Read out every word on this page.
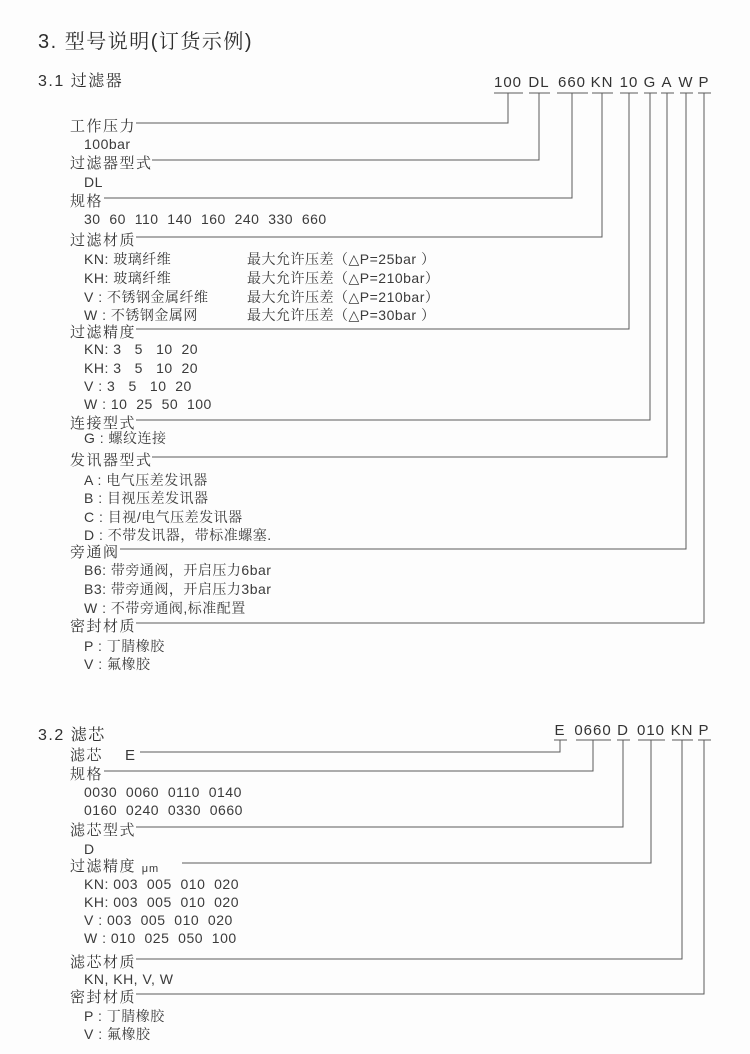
3. 型号说明(订货示例)
3.1 过滤器	100 DL 660 KN 10 G A W P
工作压力
100bar
过滤器型式
DL
规格
30  60  110  140  160  240  330  660
过滤材质
KN: 玻璃纤维	最大允许压差（△P=25bar ）
KH: 玻璃纤维	最大允许压差（△P=210bar）
V : 不锈钢金属纤维	最大允许压差（△P=210bar）
W : 不锈钢金属网	最大允许压差（△P=30bar ）
过滤精度
KN: 3   5   10  20
KH: 3   5   10  20
V : 3   5   10  20
W : 10  25  50  100
连接型式
G : 螺纹连接
发讯器型式
A : 电气压差发讯器
B : 目视压差发讯器
C : 目视/电气压差发讯器
D : 不带发讯器，带标准螺塞.
旁通阀
B6: 带旁通阀，开启压力6bar
B3: 带旁通阀，开启压力3bar
W : 不带旁通阀,标准配置
密封材质
P : 丁腈橡胶
V : 氟橡胶
3.2 滤芯	E 0660 D 010 KN P
滤芯 E
规格
0030  0060  0110  0140
0160  0240  0330  0660
滤芯型式
D
过滤精度 μm
KN: 003  005  010  020
KH: 003  005  010  020
V : 003  005  010  020
W : 010  025  050  100
滤芯材质
KN, KH, V, W
密封材质
P : 丁腈橡胶
V : 氟橡胶
